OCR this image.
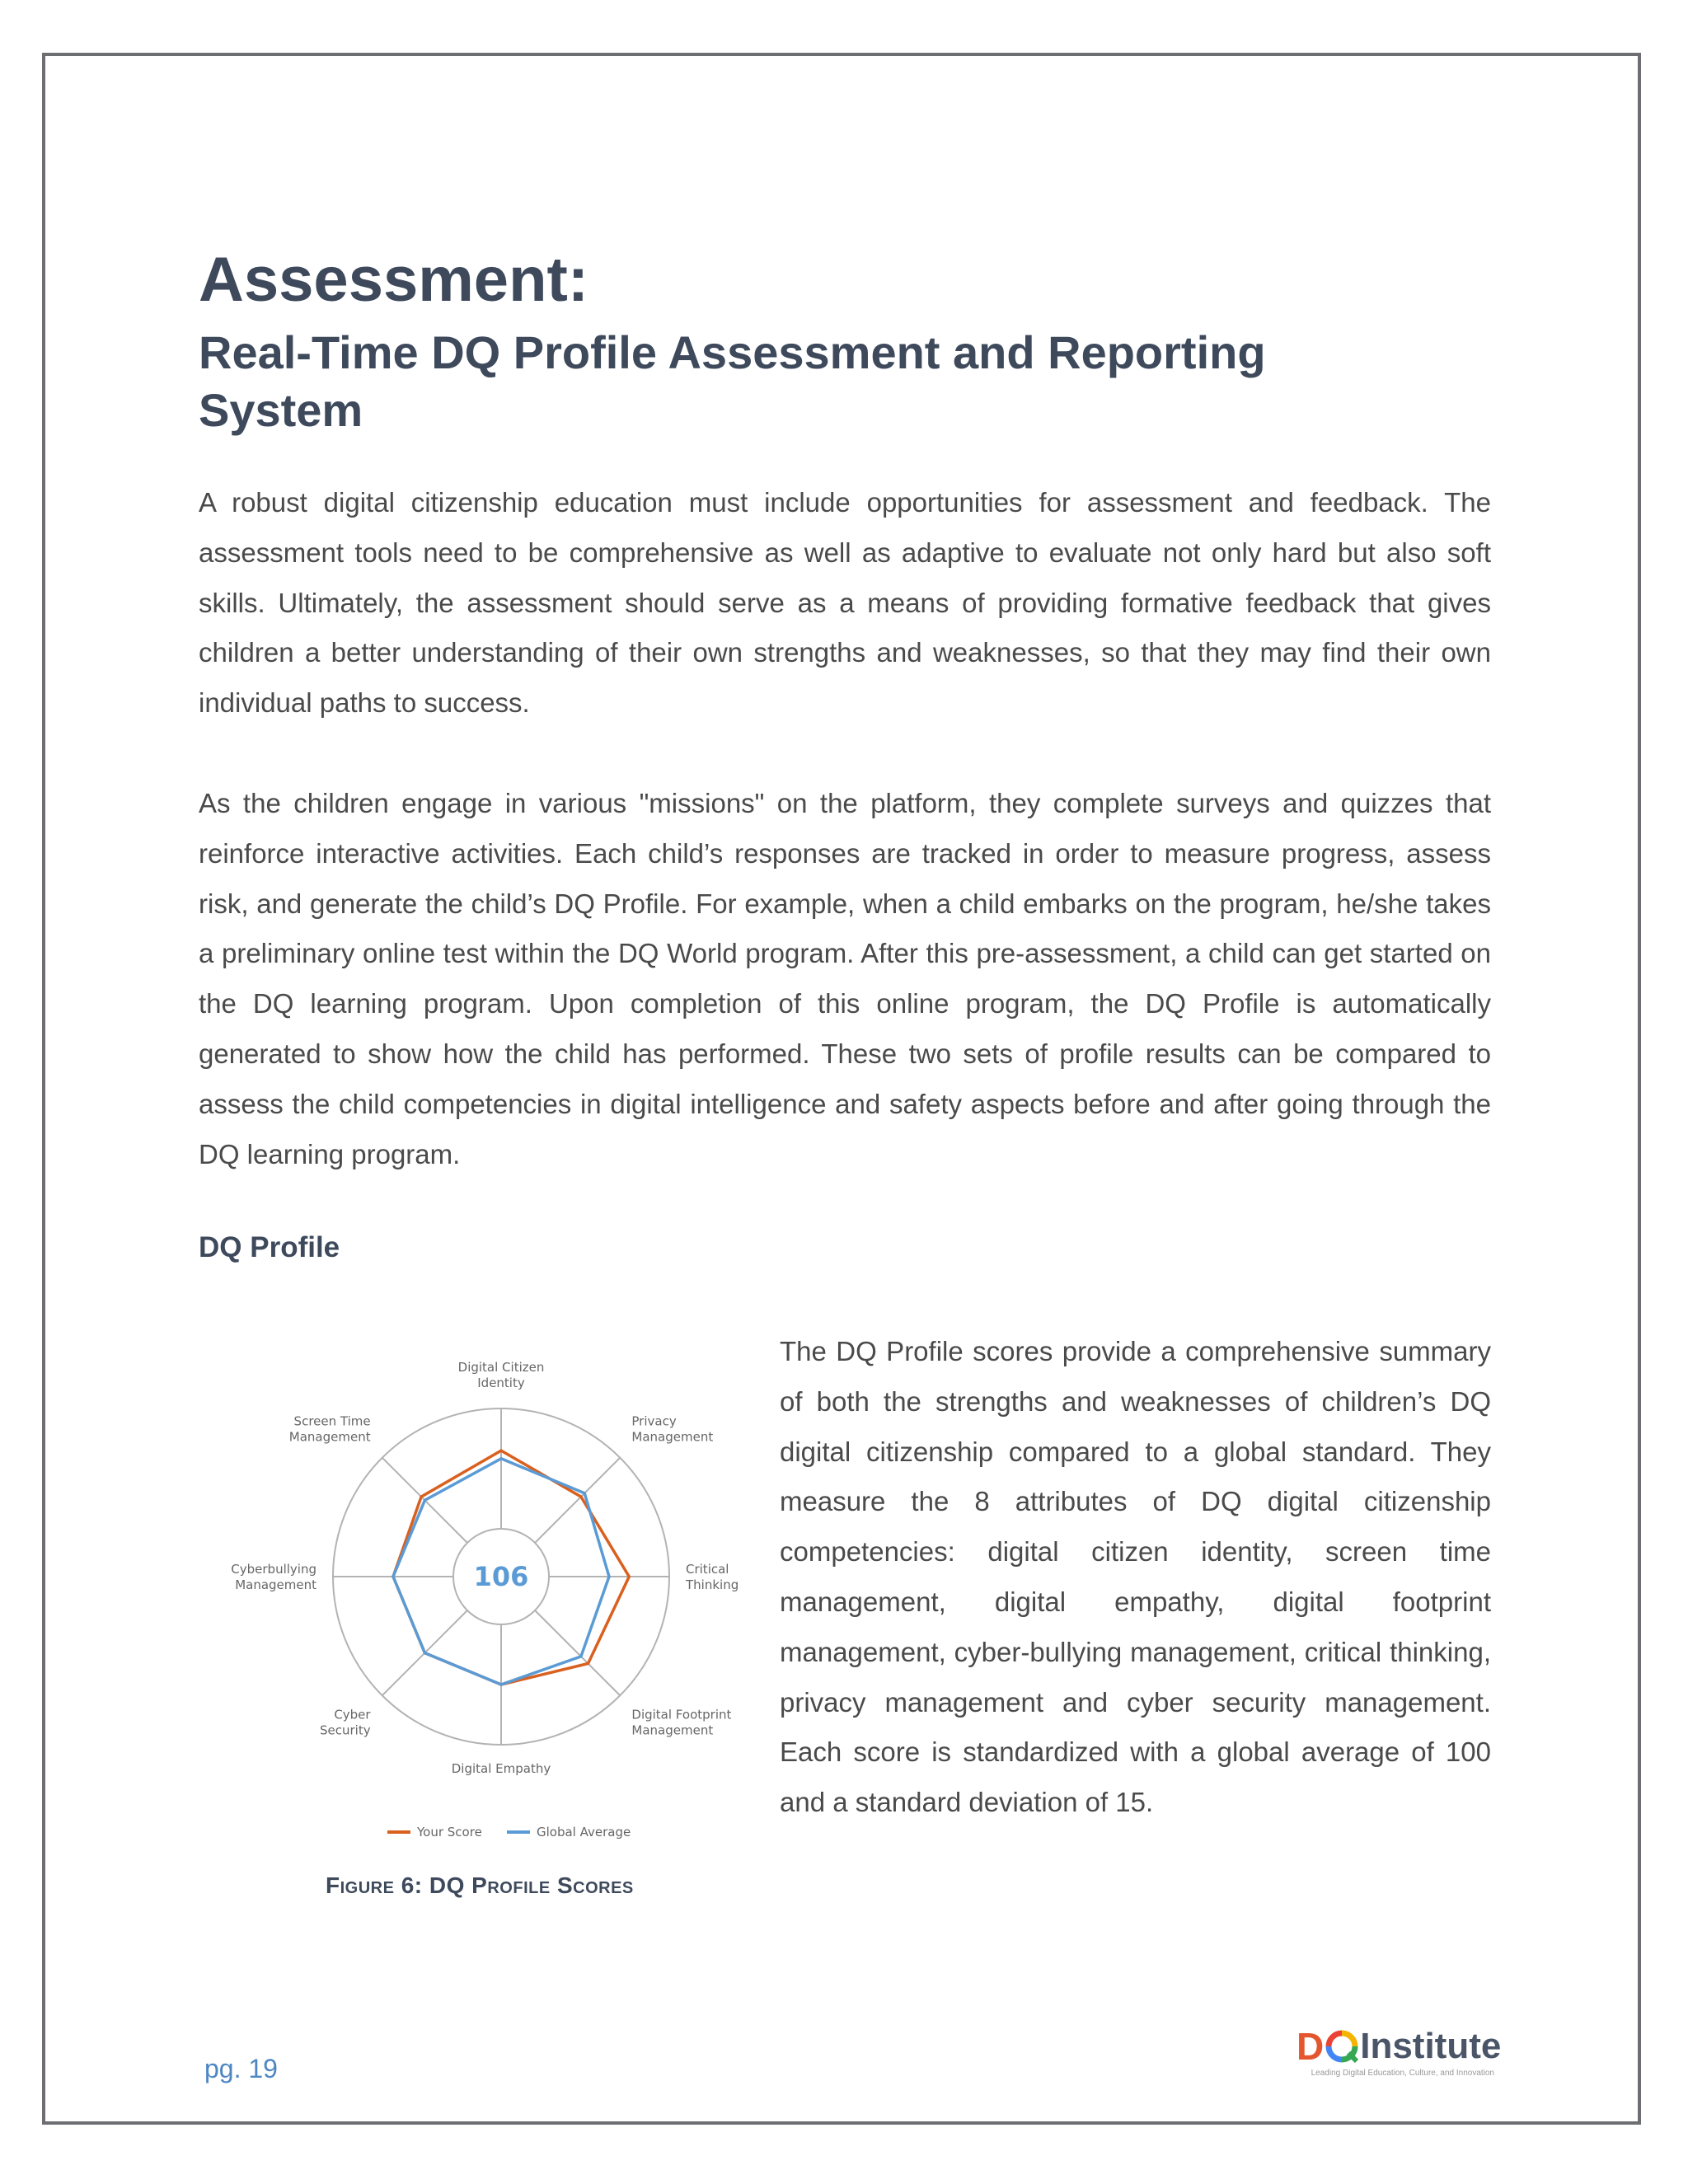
Assessment:
Real-Time DQ Profile Assessment and Reporting System

A robust digital citizenship education must include opportunities for assessment and feedback. The assessment tools need to be comprehensive as well as adaptive to evaluate not only hard but also soft skills. Ultimately, the assessment should serve as a means of providing formative feedback that gives children a better understanding of their own strengths and weaknesses, so that they may find their own individual paths to success.

As the children engage in various "missions" on the platform, they complete surveys and quizzes that reinforce interactive activities. Each child’s responses are tracked in order to measure progress, assess risk, and generate the child’s DQ Profile. For example, when a child embarks on the program, he/she takes a preliminary online test within the DQ World program. After this pre-assessment, a child can get started on the DQ learning program. Upon completion of this online program, the DQ Profile is automatically generated to show how the child has performed. These two sets of profile results can be compared to assess the child competencies in digital intelligence and safety aspects before and after going through the DQ learning program.

DQ Profile
106
Digital Citizen
Identity
Privacy
Management
Critical
Thinking
Digital Footprint
Management
Digital Empathy
Cyber
Security
Cyberbullying
Management
Screen Time
Management
Your Score	Global Average
Figure 6: DQ Profile Scores

The DQ Profile scores provide a comprehensive summary of both the strengths and weaknesses of children’s DQ digital citizenship compared to a global standard. They measure the 8 attributes of DQ digital citizenship competencies: digital citizen identity, screen time management, digital empathy, digital footprint management, cyber-bullying management, critical thinking, privacy management and cyber security management. Each score is standardized with a global average of 100 and a standard deviation of 15.

pg. 19
D Institute
Leading Digital Education, Culture, and Innovation
